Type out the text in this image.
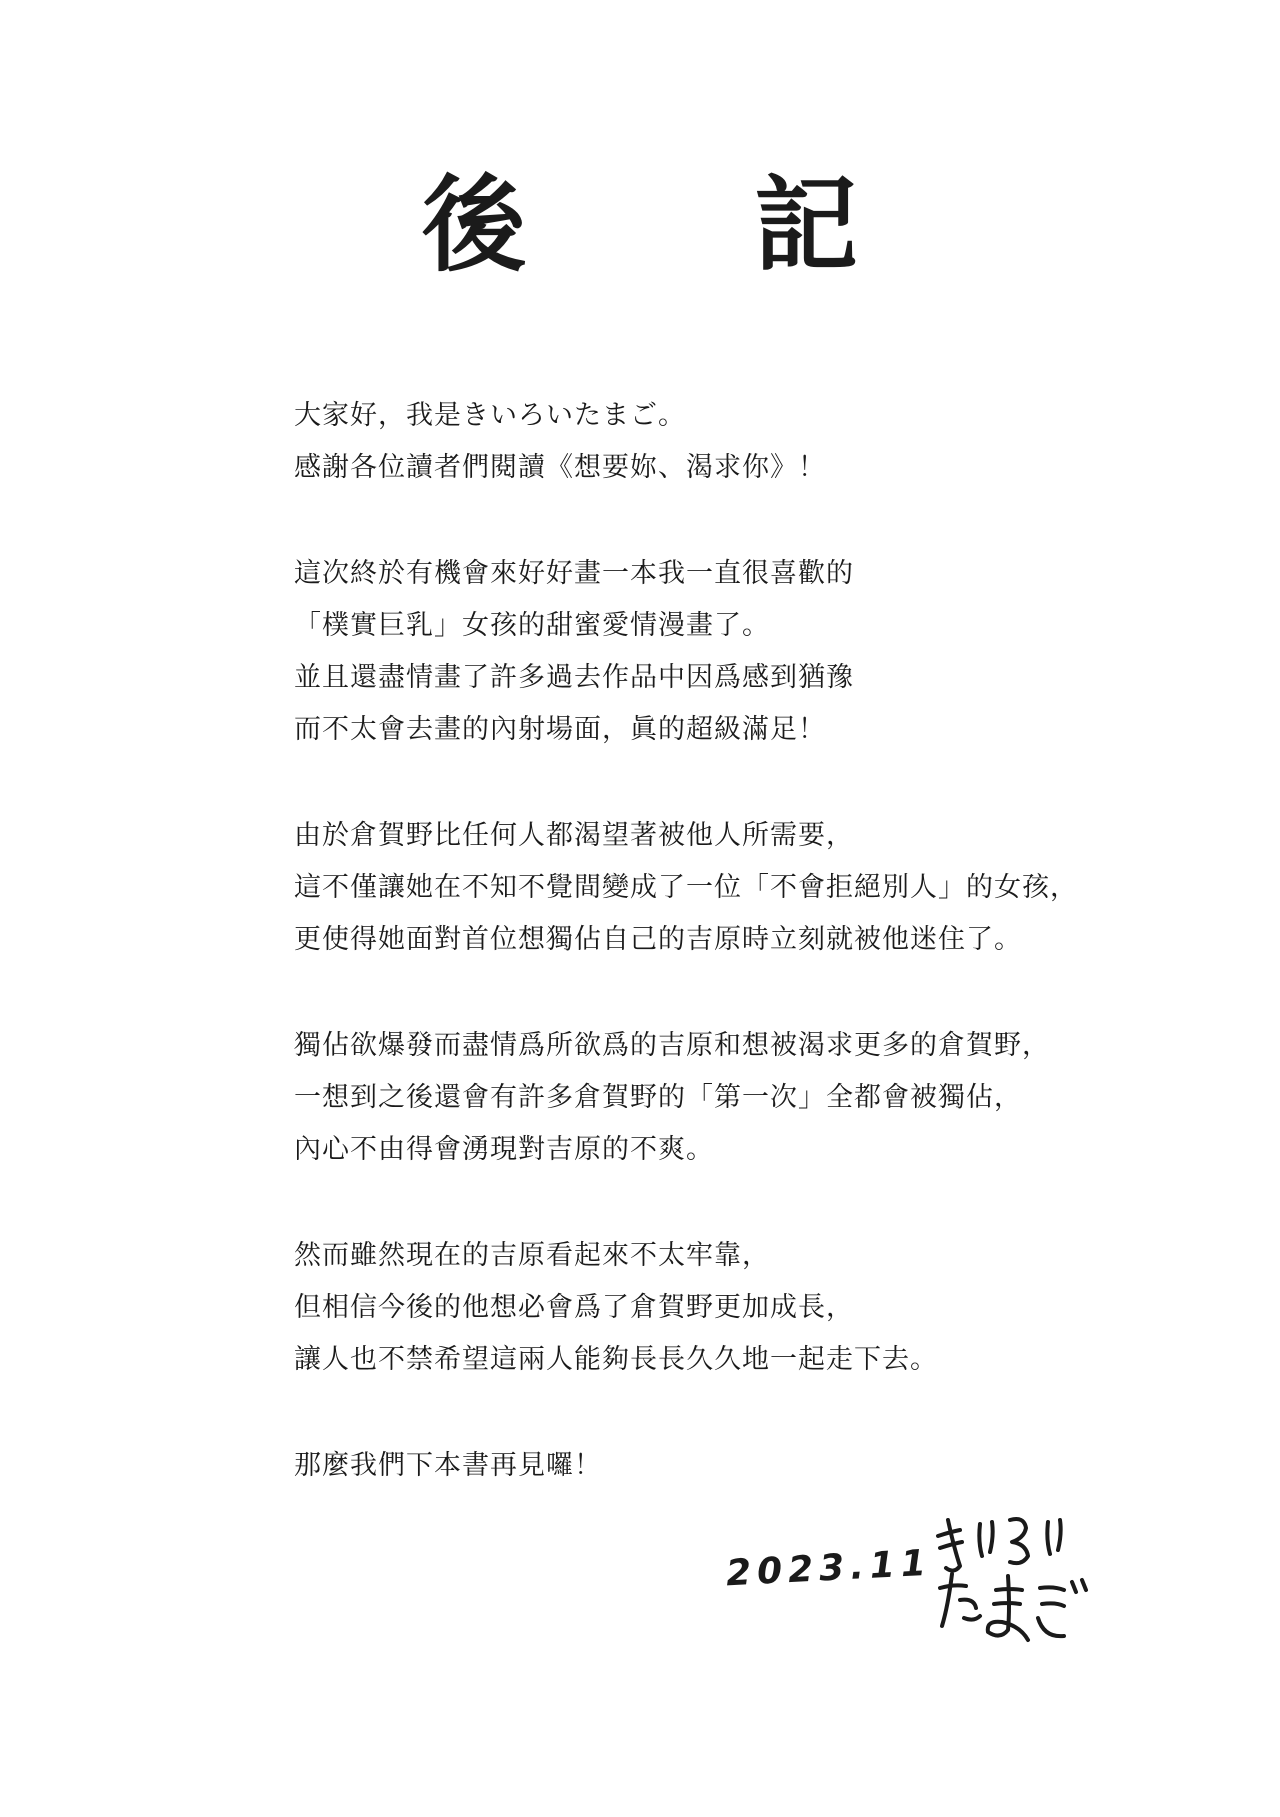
後　記
大家好，我是きいろいたまご。
感謝各位讀者們閱讀《想要妳、渴求你》！
這次終於有機會來好好畫一本我一直很喜歡的
「樸實巨乳」女孩的甜蜜愛情漫畫了。
並且還盡情畫了許多過去作品中因爲感到猶豫
而不太會去畫的內射場面，眞的超級滿足！
由於倉賀野比任何人都渴望著被他人所需要，
這不僅讓她在不知不覺間變成了一位「不會拒絕別人」的女孩，
更使得她面對首位想獨佔自己的吉原時立刻就被他迷住了。
獨佔欲爆發而盡情爲所欲爲的吉原和想被渴求更多的倉賀野，
一想到之後還會有許多倉賀野的「第一次」全都會被獨佔，
內心不由得會湧現對吉原的不爽。
然而雖然現在的吉原看起來不太牢靠，
但相信今後的他想必會爲了倉賀野更加成長，
讓人也不禁希望這兩人能夠長長久久地一起走下去。
那麼我們下本書再見囉！
2023.11
